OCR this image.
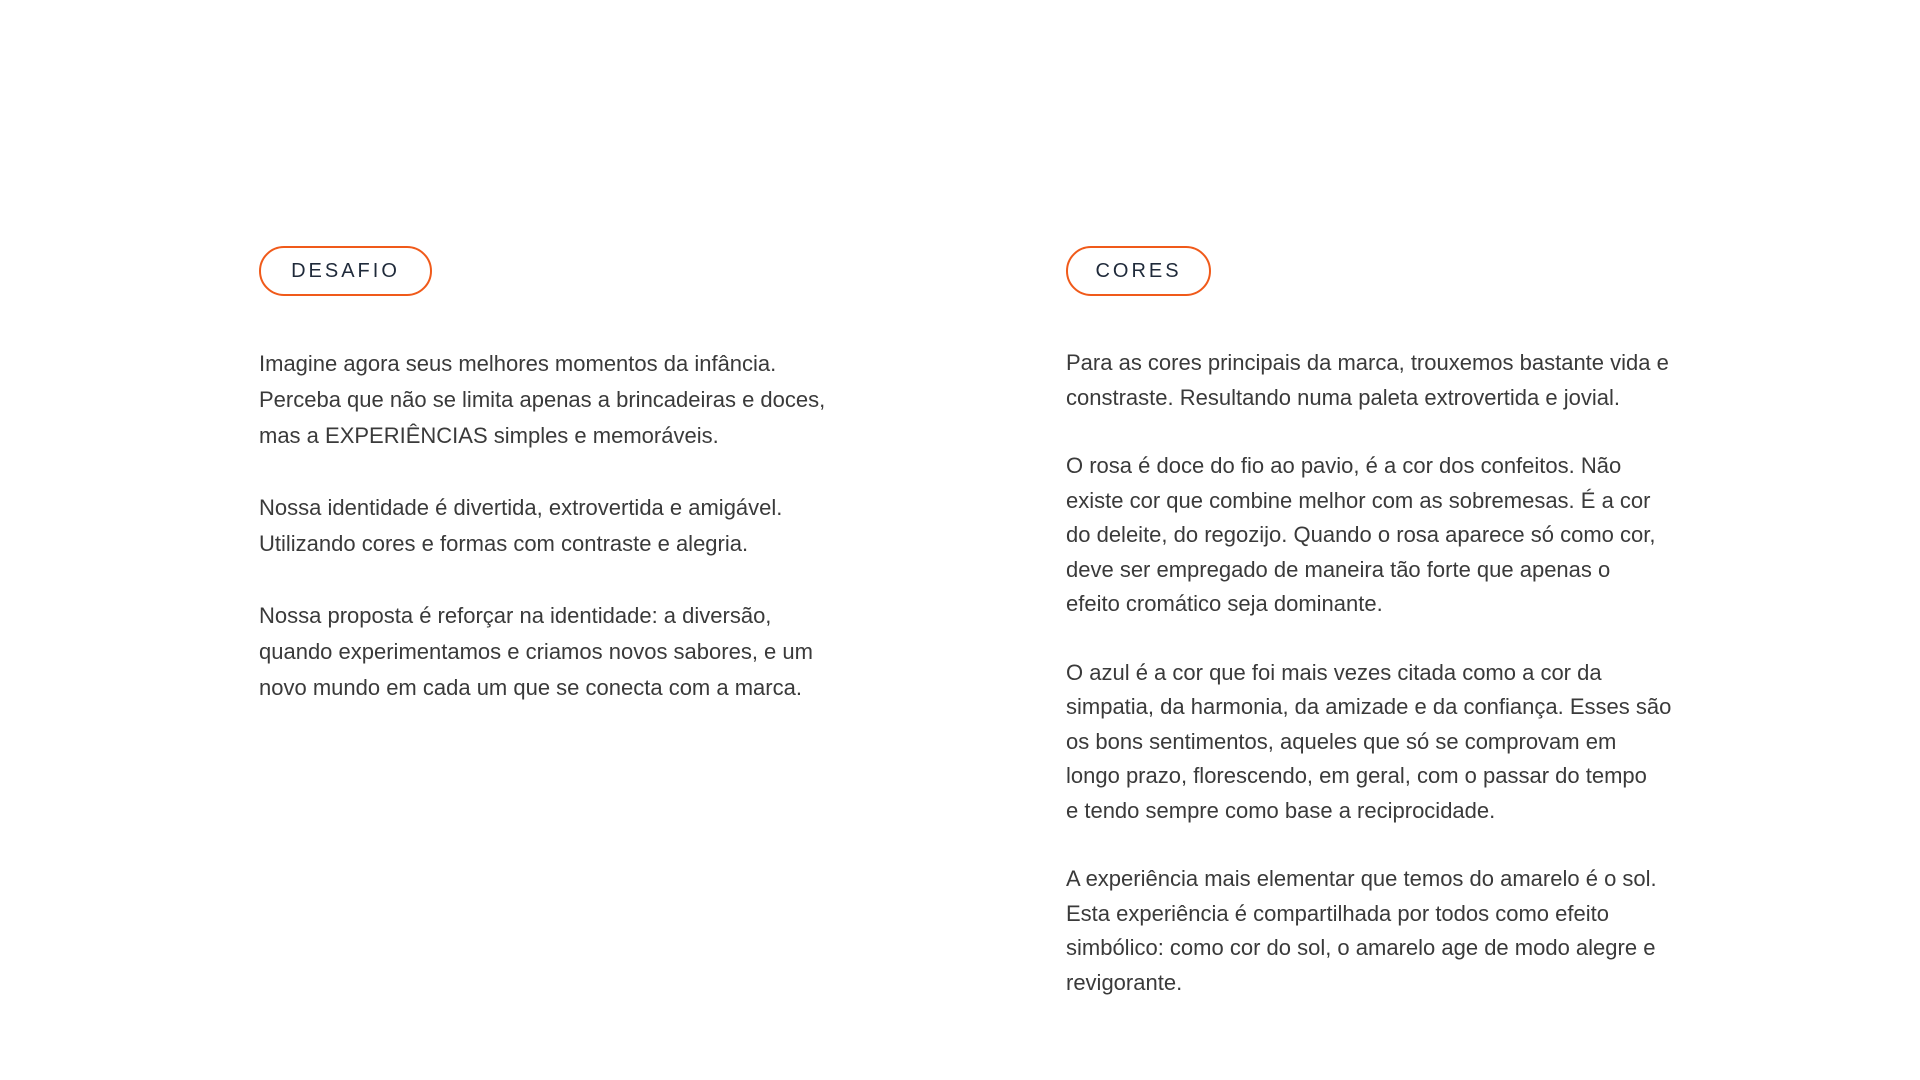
DESAFIO

Imagine agora seus melhores momentos da infância.
Perceba que não se limita apenas a brincadeiras e doces,
mas a EXPERIÊNCIAS simples e memoráveis.

Nossa identidade é divertida, extrovertida e amigável.
Utilizando cores e formas com contraste e alegria.

Nossa proposta é reforçar na identidade: a diversão,
quando experimentamos e criamos novos sabores, e um
novo mundo em cada um que se conecta com a marca.

CORES

Para as cores principais da marca, trouxemos bastante vida e
constraste. Resultando numa paleta extrovertida e jovial.

O rosa é doce do fio ao pavio, é a cor dos confeitos. Não
existe cor que combine melhor com as sobremesas. É a cor
do deleite, do regozijo. Quando o rosa aparece só como cor,
deve ser empregado de maneira tão forte que apenas o
efeito cromático seja dominante.

O azul é a cor que foi mais vezes citada como a cor da
simpatia, da harmonia, da amizade e da confiança. Esses são
os bons sentimentos, aqueles que só se comprovam em
longo prazo, florescendo, em geral, com o passar do tempo
e tendo sempre como base a reciprocidade.

A experiência mais elementar que temos do amarelo é o sol.
Esta experiência é compartilhada por todos como efeito
simbólico: como cor do sol, o amarelo age de modo alegre e
revigorante.
